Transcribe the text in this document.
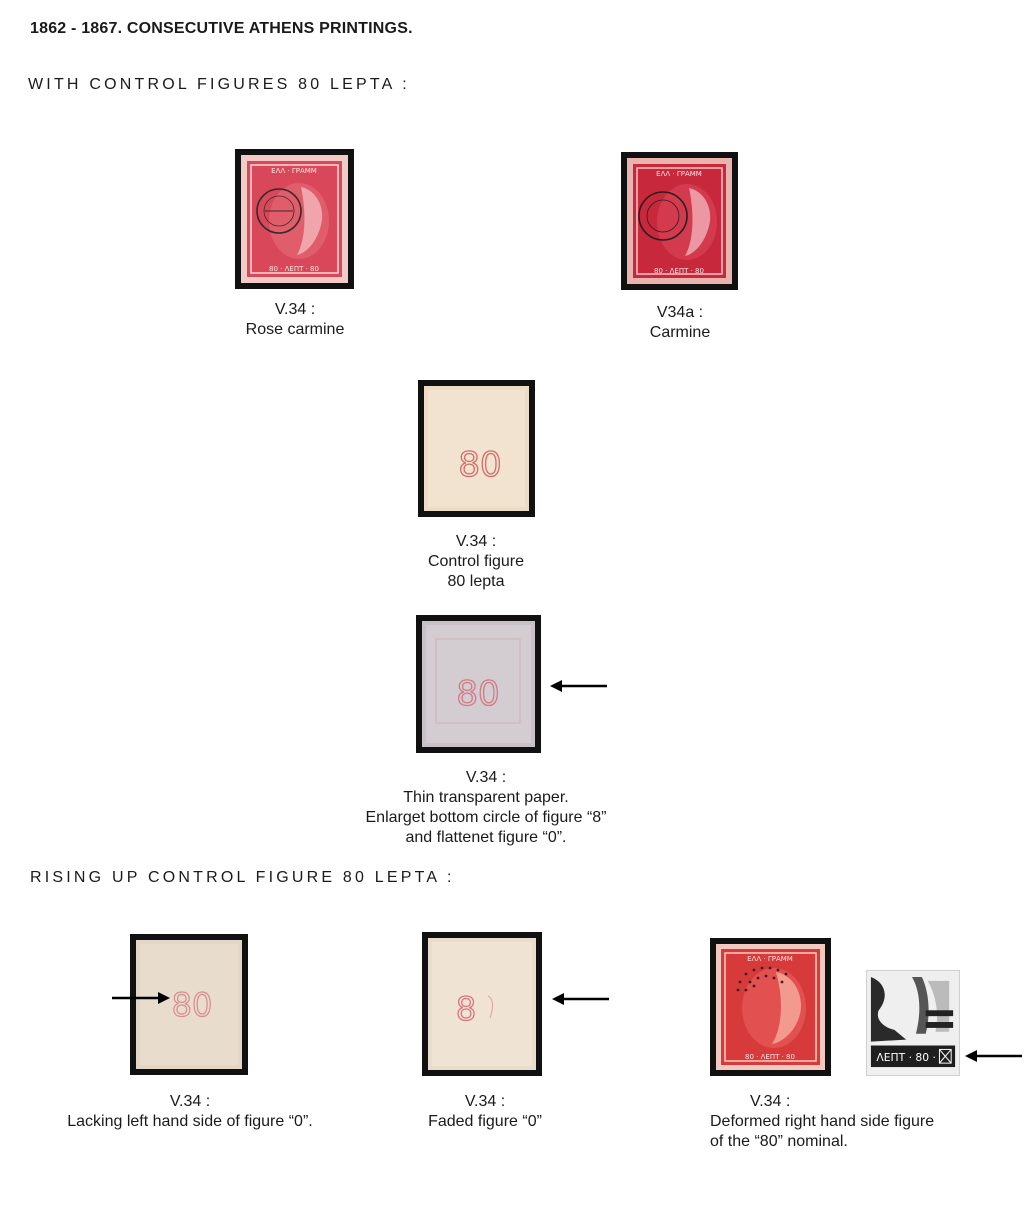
1862 - 1867. CONSECUTIVE ATHENS PRINTINGS.
WITH CONTROL FIGURES 80 LEPTA :
ΕΛΛ · ΓΡΑΜΜ
80 · ΛΕΠΤ · 80
V.34 :
Rose carmine
ΕΛΛ · ΓΡΑΜΜ
80 · ΛΕΠΤ · 80
V34a :
Carmine
80
V.34 :
Control figure
80 lepta
80
V.34 :
Thin transparent paper.
Enlarget bottom circle of figure “8”
and flattenet figure “0”.
RISING UP CONTROL FIGURE 80 LEPTA :
80
V.34 :
Lacking left hand side of figure “0”.
8
V.34 :
Faded figure “0”
ΕΛΛ · ΓΡΑΜΜ
80 · ΛΕΠΤ · 80	ΛΕΠΤ · 80 ·
V.34 :
Deformed right hand side figure
of the “80” nominal.
